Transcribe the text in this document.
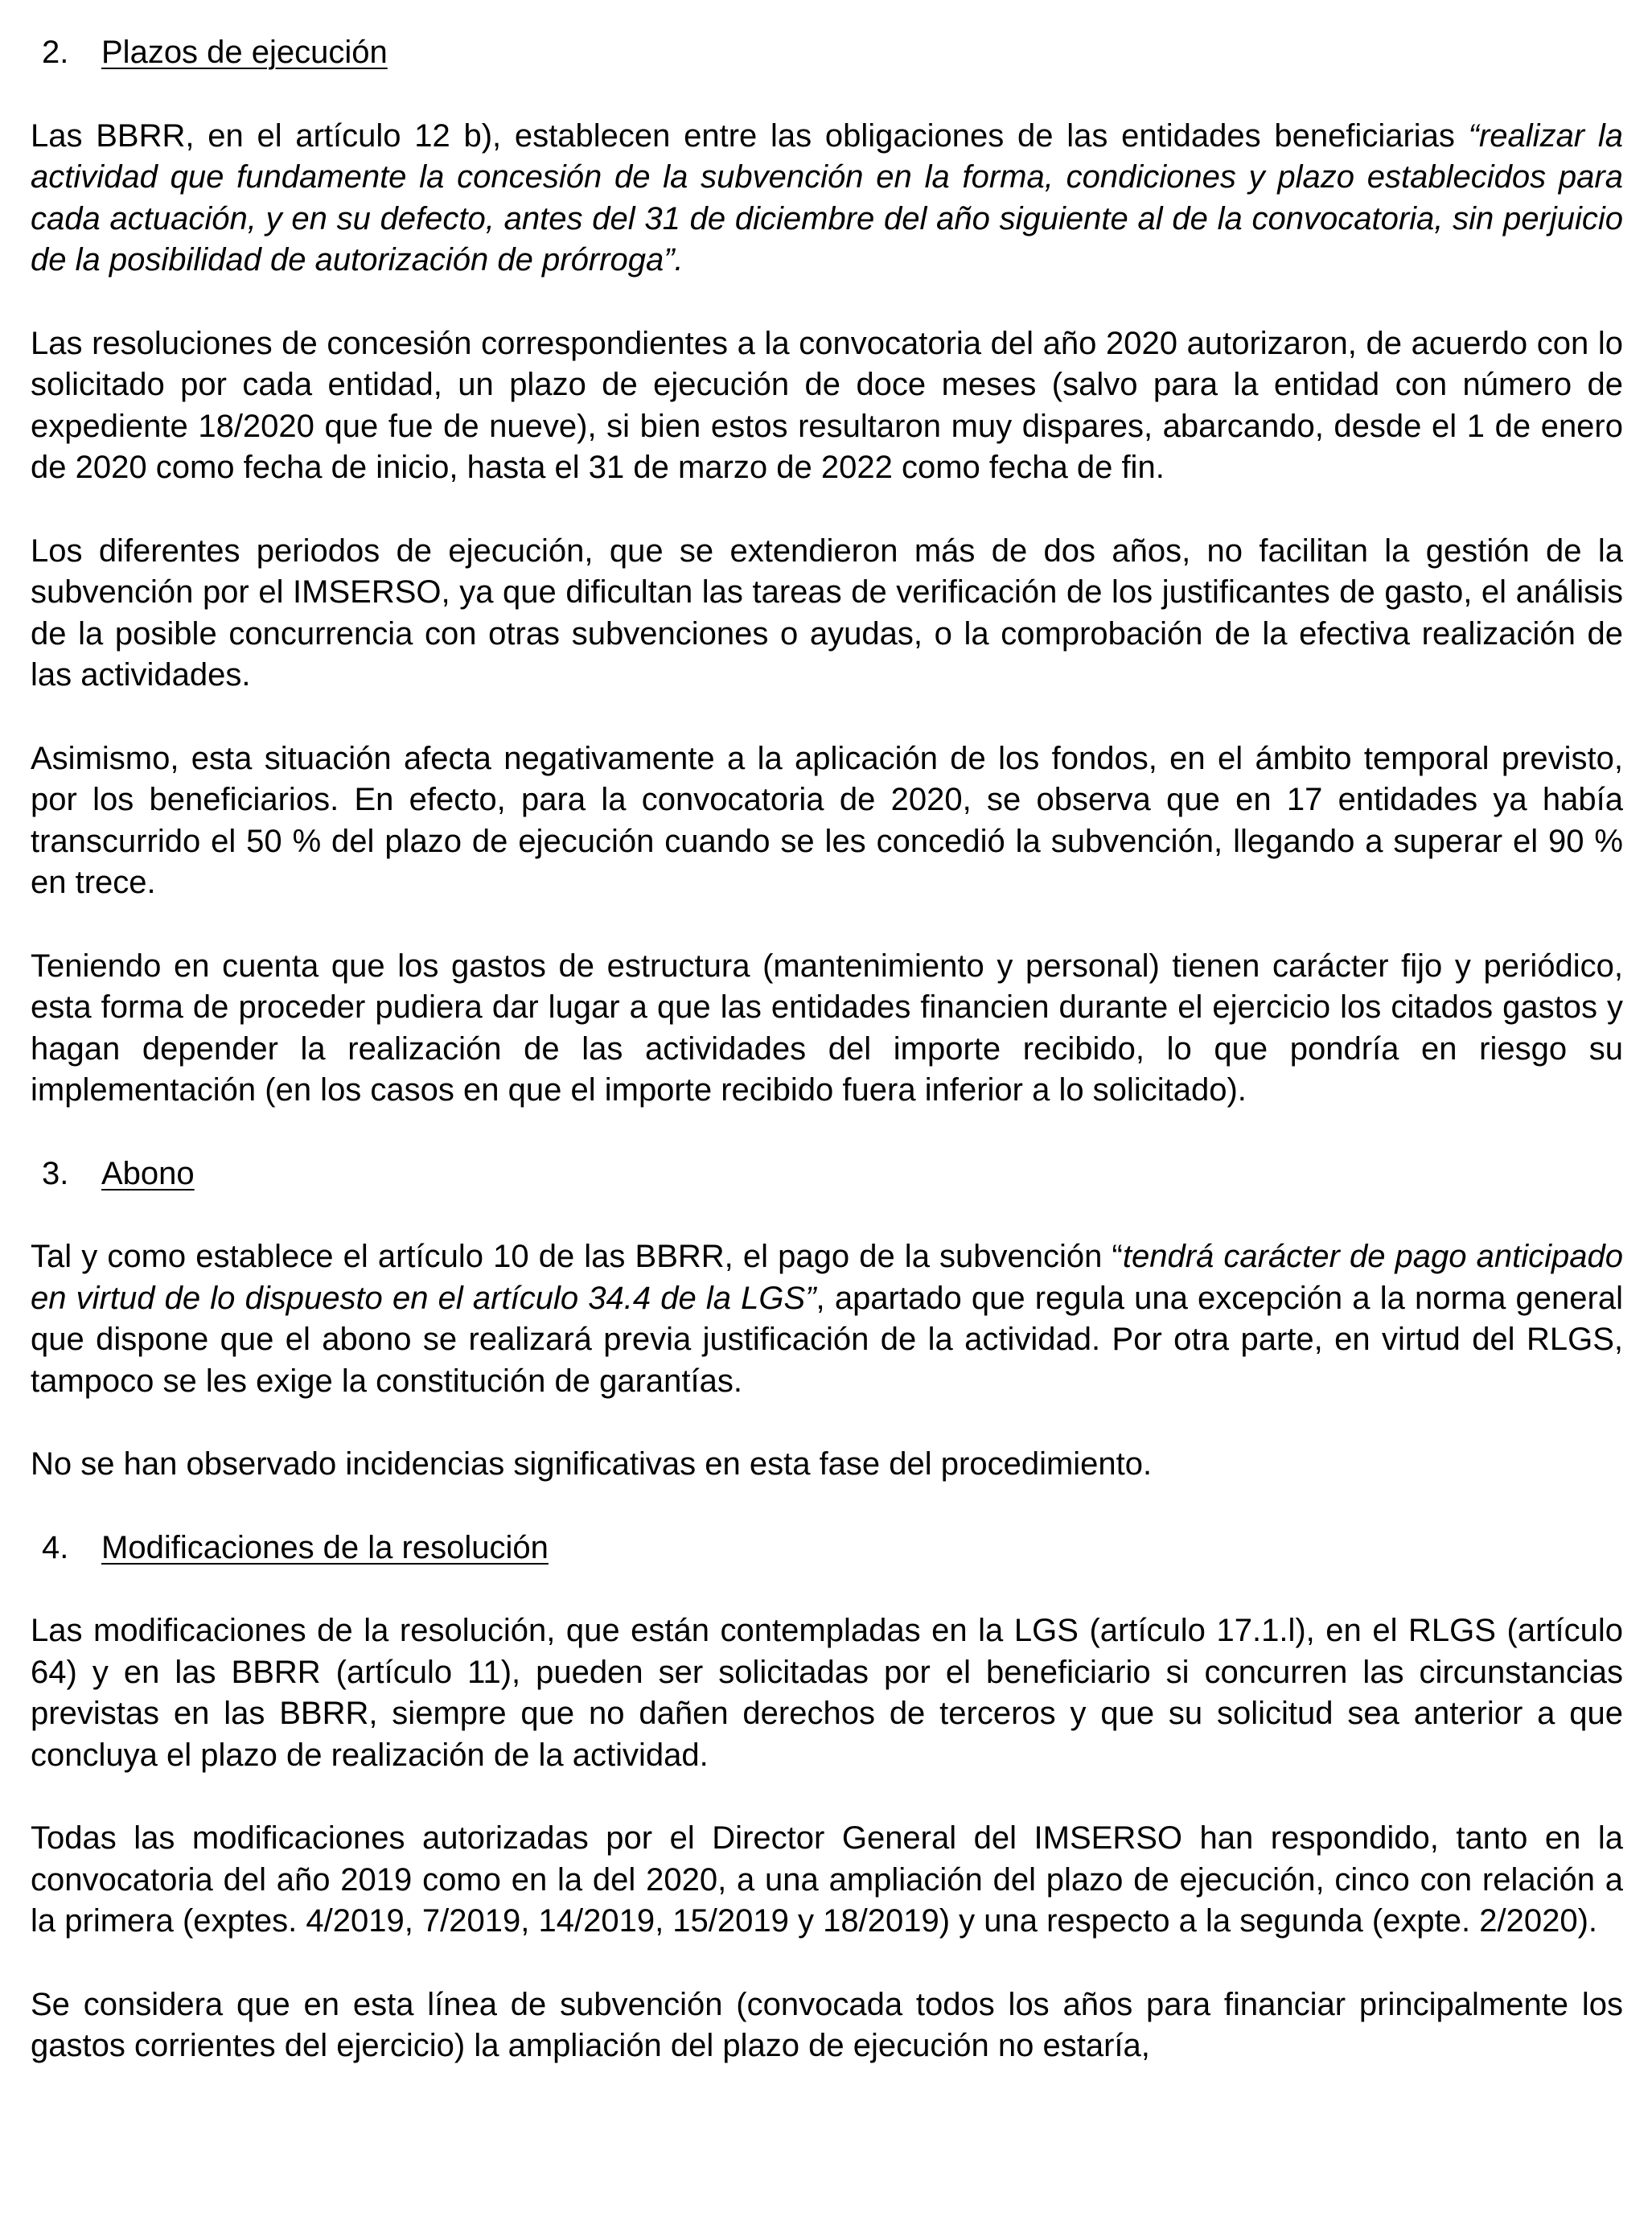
2. Plazos de ejecución

Las BBRR, en el artículo 12 b), establecen entre las obligaciones de las entidades beneficiarias “realizar la actividad que fundamente la concesión de la subvención en la forma, condiciones y plazo establecidos para cada actuación, y en su defecto, antes del 31 de diciembre del año siguiente al de la convocatoria, sin perjuicio de la posibilidad de autorización de prórroga”.

Las resoluciones de concesión correspondientes a la convocatoria del año 2020 autorizaron, de acuerdo con lo solicitado por cada entidad, un plazo de ejecución de doce meses (salvo para la entidad con número de expediente 18/2020 que fue de nueve), si bien estos resultaron muy dispares, abarcando, desde el 1 de enero de 2020 como fecha de inicio, hasta el 31 de marzo de 2022 como fecha de fin.

Los diferentes periodos de ejecución, que se extendieron más de dos años, no facilitan la gestión de la subvención por el IMSERSO, ya que dificultan las tareas de verificación de los justificantes de gasto, el análisis de la posible concurrencia con otras subvenciones o ayudas, o la comprobación de la efectiva realización de las actividades.

Asimismo, esta situación afecta negativamente a la aplicación de los fondos, en el ámbito temporal previsto, por los beneficiarios. En efecto, para la convocatoria de 2020, se observa que en 17 entidades ya había transcurrido el 50 % del plazo de ejecución cuando se les concedió la subvención, llegando a superar el 90 % en trece.

Teniendo en cuenta que los gastos de estructura (mantenimiento y personal) tienen carácter fijo y periódico, esta forma de proceder pudiera dar lugar a que las entidades financien durante el ejercicio los citados gastos y hagan depender la realización de las actividades del importe recibido, lo que pondría en riesgo su implementación (en los casos en que el importe recibido fuera inferior a lo solicitado).

3. Abono

Tal y como establece el artículo 10 de las BBRR, el pago de la subvención “tendrá carácter de pago anticipado en virtud de lo dispuesto en el artículo 34.4 de la LGS”, apartado que regula una excepción a la norma general que dispone que el abono se realizará previa justificación de la actividad. Por otra parte, en virtud del RLGS, tampoco se les exige la constitución de garantías.

No se han observado incidencias significativas en esta fase del procedimiento.

4. Modificaciones de la resolución

Las modificaciones de la resolución, que están contempladas en la LGS (artículo 17.1.l), en el RLGS (artículo 64) y en las BBRR (artículo 11), pueden ser solicitadas por el beneficiario si concurren las circunstancias previstas en las BBRR, siempre que no dañen derechos de terceros y que su solicitud sea anterior a que concluya el plazo de realización de la actividad.

Todas las modificaciones autorizadas por el Director General del IMSERSO han respondido, tanto en la convocatoria del año 2019 como en la del 2020, a una ampliación del plazo de ejecución, cinco con relación a la primera (exptes. 4/2019, 7/2019, 14/2019, 15/2019 y 18/2019) y una respecto a la segunda (expte. 2/2020).

Se considera que en esta línea de subvención (convocada todos los años para financiar principalmente los gastos corrientes del ejercicio) la ampliación del plazo de ejecución no estaría,
